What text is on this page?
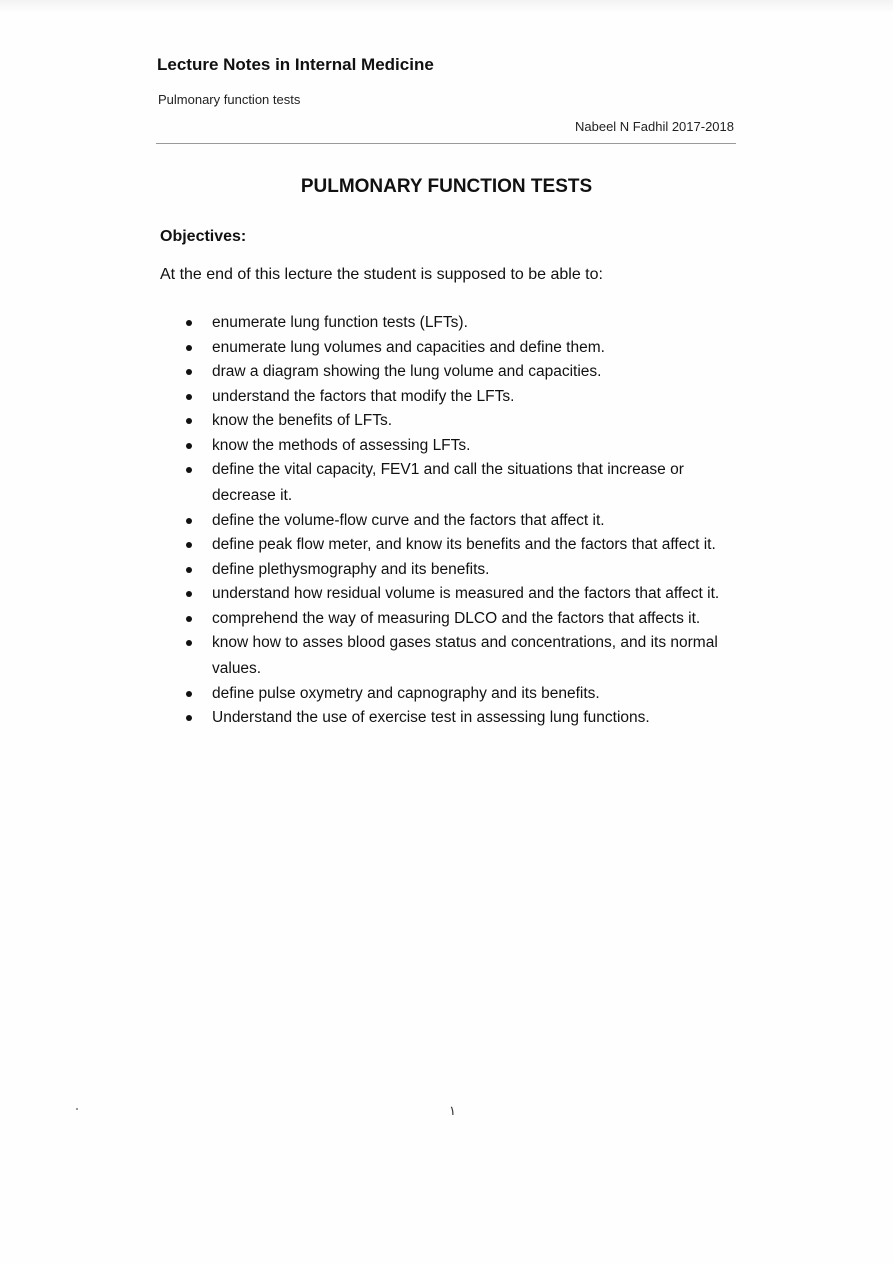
Lecture Notes in Internal Medicine
Pulmonary function tests
Nabeel N Fadhil 2017-2018
PULMONARY FUNCTION TESTS
Objectives:
At the end of this lecture the student is supposed to be able to:
enumerate lung function tests (LFTs).
enumerate lung volumes and capacities and define them.
draw a diagram showing the lung volume and capacities.
understand the factors that modify the LFTs.
know the benefits of LFTs.
know the methods of assessing LFTs.
define the vital capacity, FEV1 and call the situations that increase or decrease it.
define the volume-flow curve and the factors that affect it.
define peak flow meter, and know its benefits and the factors that affect it.
define plethysmography and its benefits.
understand how residual volume is measured and the factors that affect it.
comprehend the way of measuring DLCO and the factors that affects it.
know how to asses blood gases status and concentrations, and its normal values.
define pulse oxymetry and capnography and its benefits.
Understand the use of exercise test in assessing lung functions.
١
